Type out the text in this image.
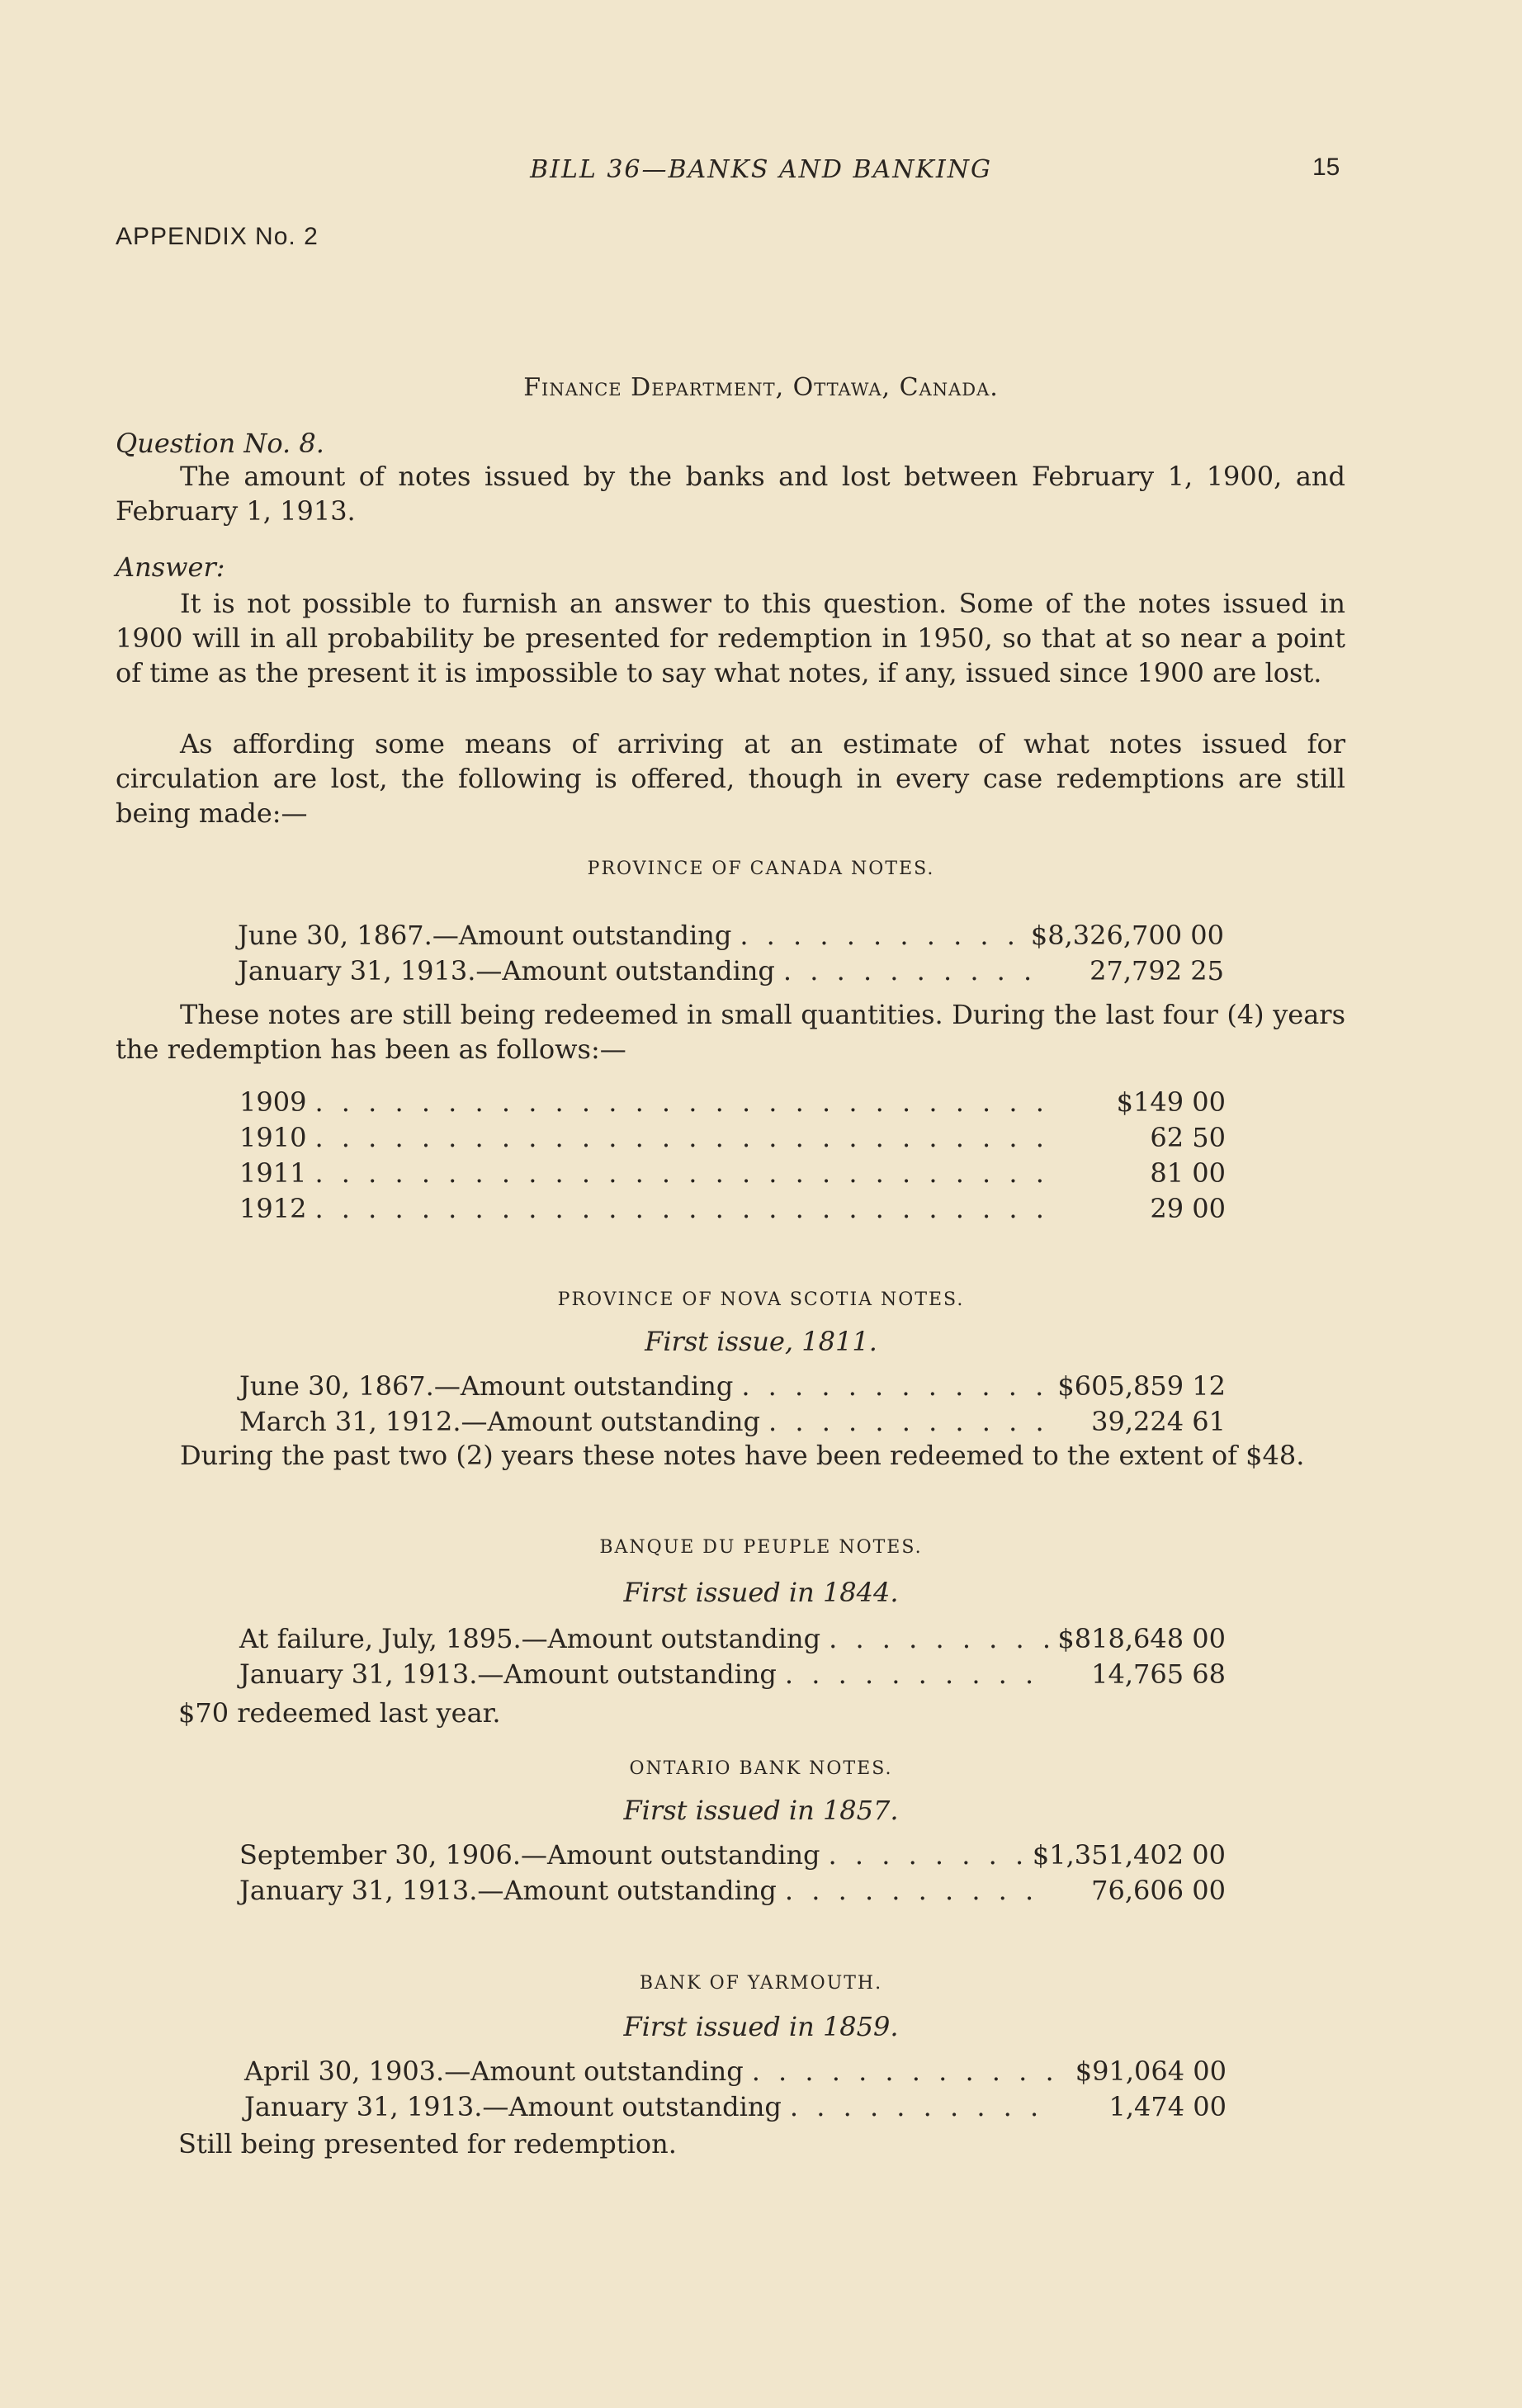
BILL 36—BANKS AND BANKING	15
APPENDIX No. 2
Finance Department, Ottawa, Canada.
Question No. 8.
The amount of notes issued by the banks and lost between February 1, 1900, and February 1, 1913.
Answer:
It is not possible to furnish an answer to this question. Some of the notes issued in 1900 will in all probability be presented for redemption in 1950, so that at so near a point of time as the present it is impossible to say what notes, if any, issued since 1900 are lost.
As affording some means of arriving at an estimate of what notes issued for circulation are lost, the following is offered, though in every case redemptions are still being made:—
PROVINCE OF CANADA NOTES.
June 30, 1867.—Amount outstanding . . .	$8,326,700 00
January 31, 1913.—Amount outstanding . . .	27,792 25
These notes are still being redeemed in small quantities. During the last four (4) years the redemption has been as follows:—
1909 . . .	$149 00
1910 . . .	62 50
1911 . . .	81 00
1912 . . .	29 00
PROVINCE OF NOVA SCOTIA NOTES.
First issue, 1811.
June 30, 1867.—Amount outstanding . . .	$605,859 12
March 31, 1912.—Amount outstanding . . .	39,224 61
During the past two (2) years these notes have been redeemed to the extent of $48.
BANQUE DU PEUPLE NOTES.
First issued in 1844.
At failure, July, 1895.—Amount outstanding . . .	$818,648 00
January 31, 1913.—Amount outstanding . . .	14,765 68
$70 redeemed last year.
ONTARIO BANK NOTES.
First issued in 1857.
September 30, 1906.—Amount outstanding . . .	$1,351,402 00
January 31, 1913.—Amount outstanding . . .	76,606 00
BANK OF YARMOUTH.
First issued in 1859.
April 30, 1903.—Amount outstanding . . .	$91,064 00
January 31, 1913.—Amount outstanding . . .	1,474 00
Still being presented for redemption.
